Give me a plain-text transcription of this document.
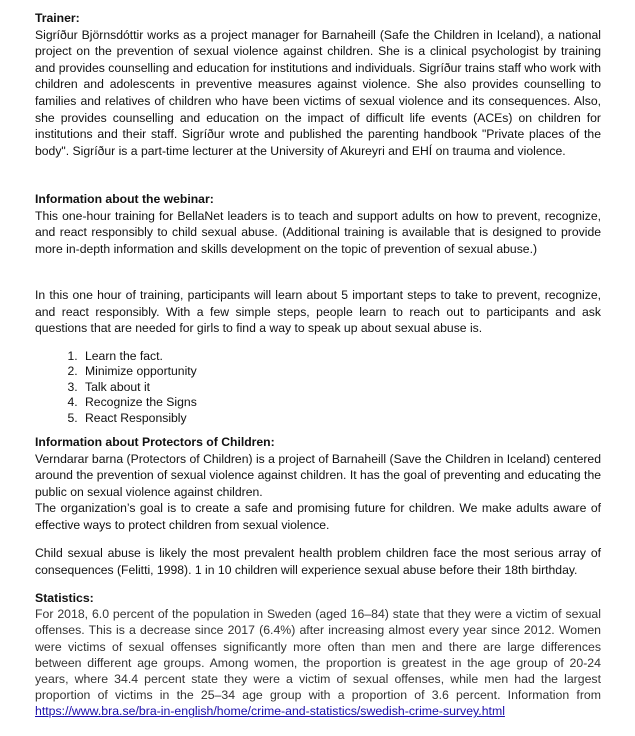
Trainer:

Sigríður Björnsdóttir works as a project manager for Barnaheill (Safe the Children in Iceland), a national project on the prevention of sexual violence against children. She is a clinical psychologist by training and provides counselling and education for institutions and individuals. Sigríður trains staff who work with children and adolescents in preventive measures against violence. She also provides counselling to families and relatives of children who have been victims of sexual violence and its consequences. Also, she provides counselling and education on the impact of difficult life events (ACEs) on children for institutions and their staff. Sigríður wrote and published the parenting handbook "Private places of the body". Sigríður is a part-time lecturer at the University of Akureyri and EHÍ on trauma and violence.

Information about the webinar:

This one-hour training for BellaNet leaders is to teach and support adults on how to prevent, recognize, and react responsibly to child sexual abuse. (Additional training is available that is designed to provide more in-depth information and skills development on the topic of prevention of sexual abuse.)

In this one hour of training, participants will learn about 5 important steps to take to prevent, recognize, and react responsibly. With a few simple steps, people learn to reach out to participants and ask questions that are needed for girls to find a way to speak up about sexual abuse is.

1. Learn the fact.
2. Minimize opportunity
3. Talk about it
4. Recognize the Signs
5. React Responsibly

Information about Protectors of Children:

Verndarar barna (Protectors of Children) is a project of Barnaheill (Save the Children in Iceland) centered around the prevention of sexual violence against children. It has the goal of preventing and educating the public on sexual violence against children.

The organization’s goal is to create a safe and promising future for children. We make adults aware of effective ways to protect children from sexual violence.

Child sexual abuse is likely the most prevalent health problem children face the most serious array of consequences (Felitti, 1998). 1 in 10 children will experience sexual abuse before their 18th birthday.

Statistics:

For 2018, 6.0 percent of the population in Sweden (aged 16–84) state that they were a victim of sexual offenses. This is a decrease since 2017 (6.4%) after increasing almost every year since 2012. Women were victims of sexual offenses significantly more often than men and there are large differences between different age groups. Among women, the proportion is greatest in the age group of 20-24 years, where 34.4 percent state they were a victim of sexual offenses, while men had the largest proportion of victims in the 25–34 age group with a proportion of 3.6 percent. Information from https://www.bra.se/bra-in-english/home/crime-and-statistics/swedish-crime-survey.html
